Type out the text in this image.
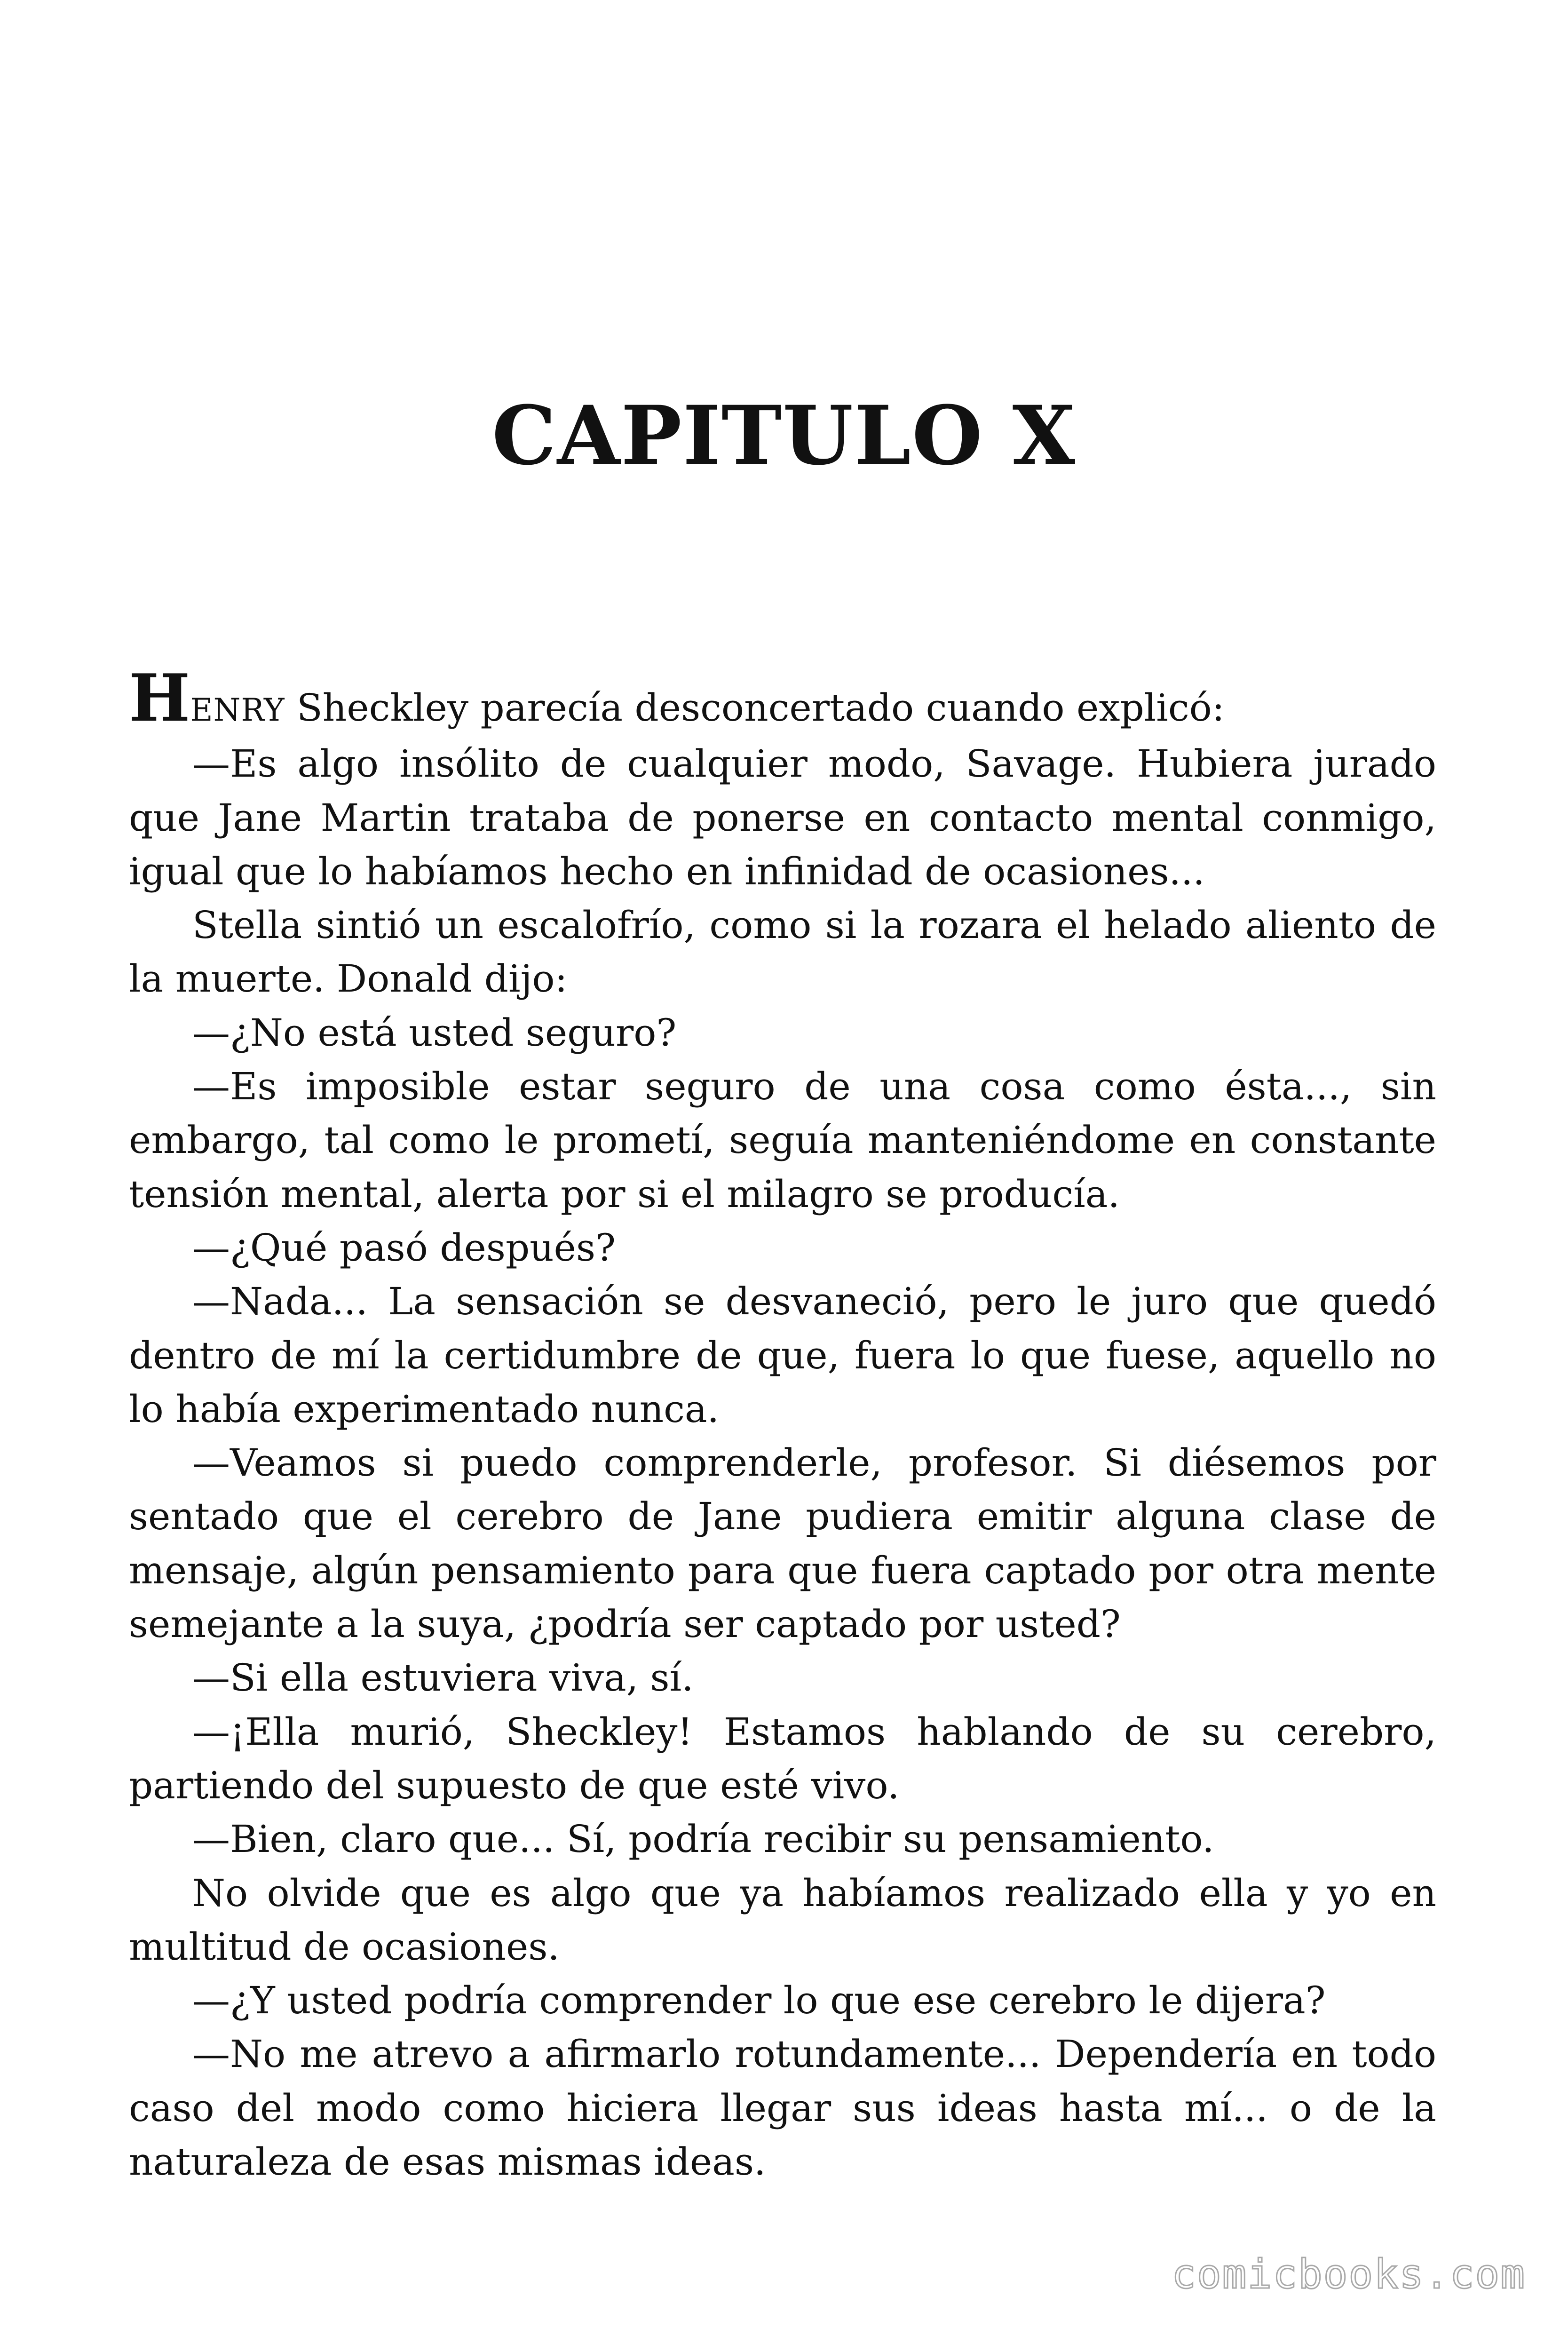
CAPITULO X

HENRY Sheckley parecía desconcertado cuando explicó:

—Es algo insólito de cualquier modo, Savage. Hubiera jurado que Jane Martin trataba de ponerse en contacto mental conmigo, igual que lo habíamos hecho en infinidad de ocasiones...

Stella sintió un escalofrío, como si la rozara el helado aliento de la muerte. Donald dijo:

—¿No está usted seguro?

—Es imposible estar seguro de una cosa como ésta..., sin embargo, tal como le prometí, seguía manteniéndome en constante tensión mental, alerta por si el milagro se producía.

—¿Qué pasó después?

—Nada... La sensación se desvaneció, pero le juro que quedó dentro de mí la certidumbre de que, fuera lo que fuese, aquello no lo había experimentado nunca.

—Veamos si puedo comprenderle, profesor. Si diésemos por sentado que el cerebro de Jane pudiera emitir alguna clase de mensaje, algún pensamiento para que fuera captado por otra mente semejante a la suya, ¿podría ser captado por usted?

—Si ella estuviera viva, sí.

—¡Ella murió, Sheckley! Estamos hablando de su cerebro, partiendo del supuesto de que esté vivo.

—Bien, claro que... Sí, podría recibir su pensamiento.

No olvide que es algo que ya habíamos realizado ella y yo en multitud de ocasiones.

—¿Y usted podría comprender lo que ese cerebro le dijera?

—No me atrevo a afirmarlo rotundamente... Dependería en todo caso del modo como hiciera llegar sus ideas hasta mí... o de la naturaleza de esas mismas ideas.

comicbooks.com
